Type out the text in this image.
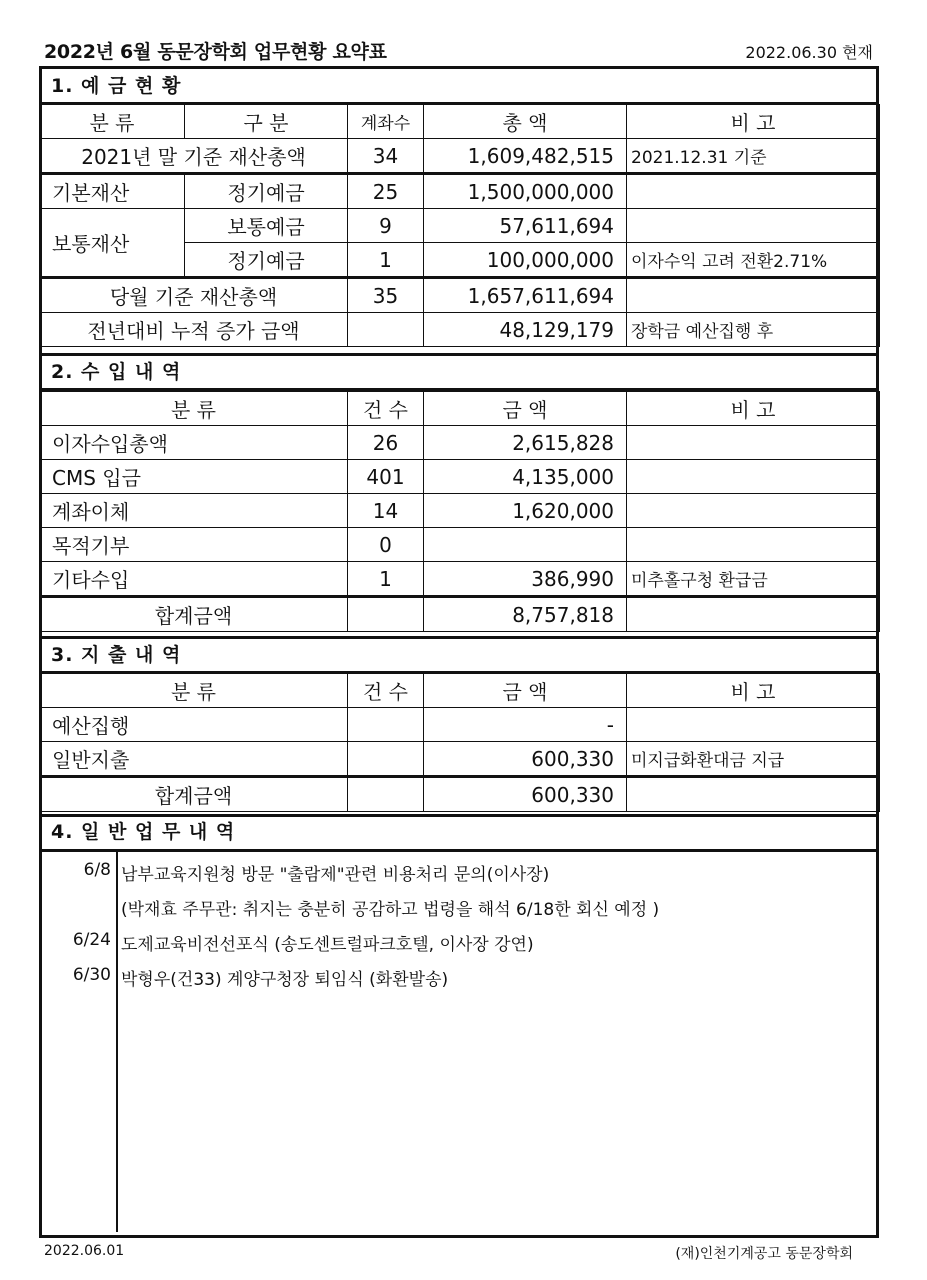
2022년 6월 동문장학회 업무현황 요약표	2022.06.30 현재
1. 예 금 현 황
분 류	구 분	계좌수	총 액	비 고
2021년 말 기준 재산총액		34	1,609,482,515	2021.12.31 기준
기본재산	정기예금	25	1,500,000,000	
보통재산	보통예금	9	57,611,694	
	정기예금	1	100,000,000	이자수익 고려 전환2.71%
당월 기준 재산총액		35	1,657,611,694	
전년대비 누적 증가 금액			48,129,179	장학금 예산집행 후
2. 수 입 내 역
분 류	건 수	금 액	비 고
이자수입총액	26	2,615,828	
CMS 입금	401	4,135,000	
계좌이체	14	1,620,000	
목적기부	0		
기타수입	1	386,990	미추홀구청 환급금
합계금액		8,757,818	
3. 지 출 내 역
분 류	건 수	금 액	비 고
예산집행		-	
일반지출		600,330	미지급화환대금 지급
합계금액		600,330	
4. 일 반 업 무 내 역
6/8 남부교육지원청 방문 "출람제"관련 비용처리 문의(이사장)
(박재효 주무관: 취지는 충분히 공감하고 법령을 해석 6/18한 회신 예정 )
6/24 도제교육비전선포식 (송도센트럴파크호텔, 이사장 강연)
6/30 박형우(건33) 계양구청장 퇴임식 (화환발송)
2022.06.01	(재)인천기계공고 동문장학회
